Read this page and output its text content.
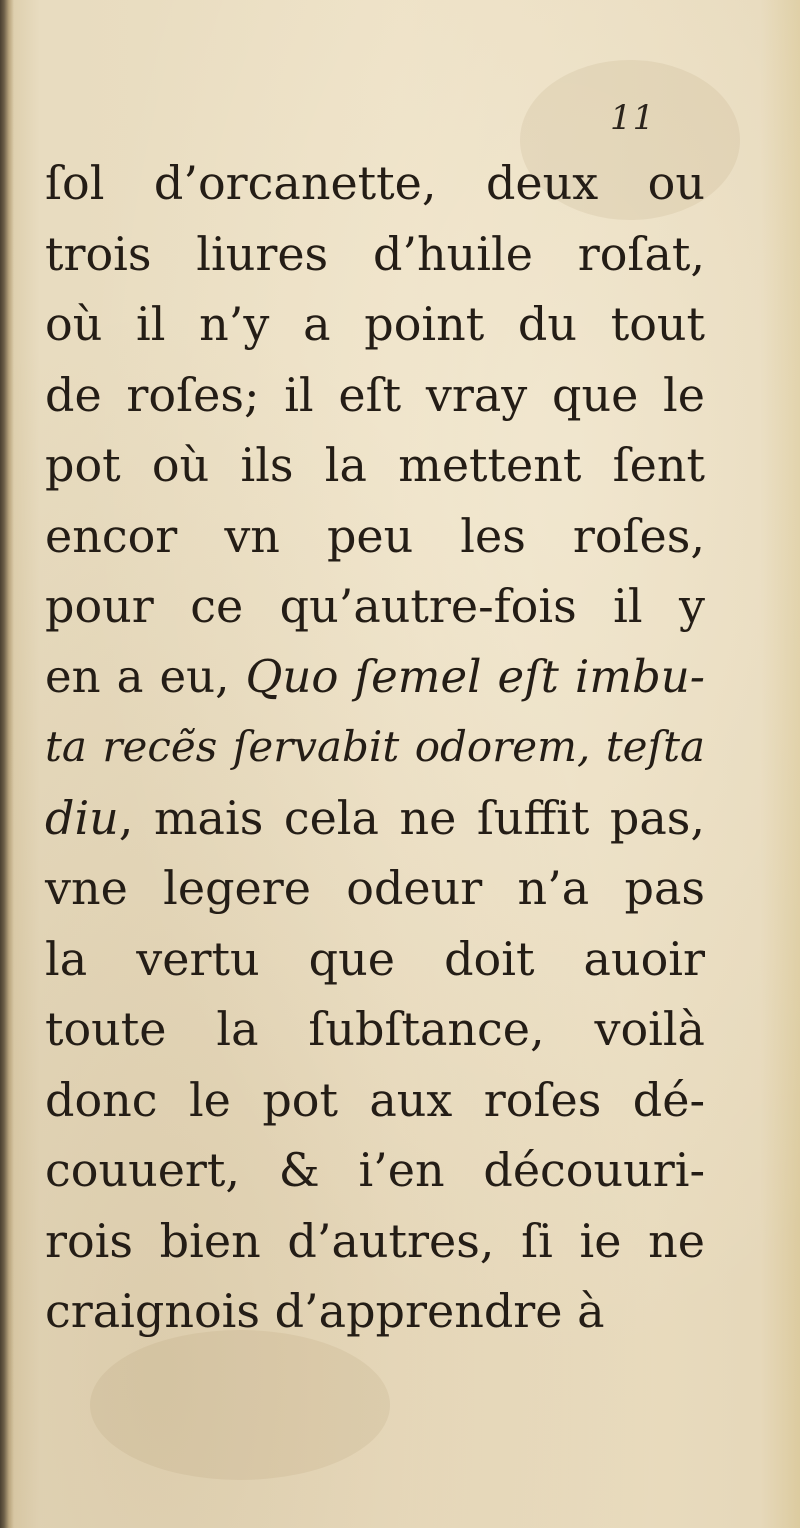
11
ſol d’orcanette, deux ou
trois liures d’huile roſat,
où il n’y a point du tout
de roſes; il eſt vray que le
pot où ils la mettent ſent
encor vn peu les roſes,
pour ce qu’autre-fois il y
en a eu, Quo ſemel eſt imbu-
ta recẽs ſervabit odorem, teſta
diu, mais cela ne ſuffit pas,
vne legere odeur n’a pas
la vertu que doit auoir
toute la ſubſtance, voilà
donc le pot aux roſes dé-
couuert, & i’en découuri-
rois bien d’autres, ſi ie ne
craignois d’apprendre à
